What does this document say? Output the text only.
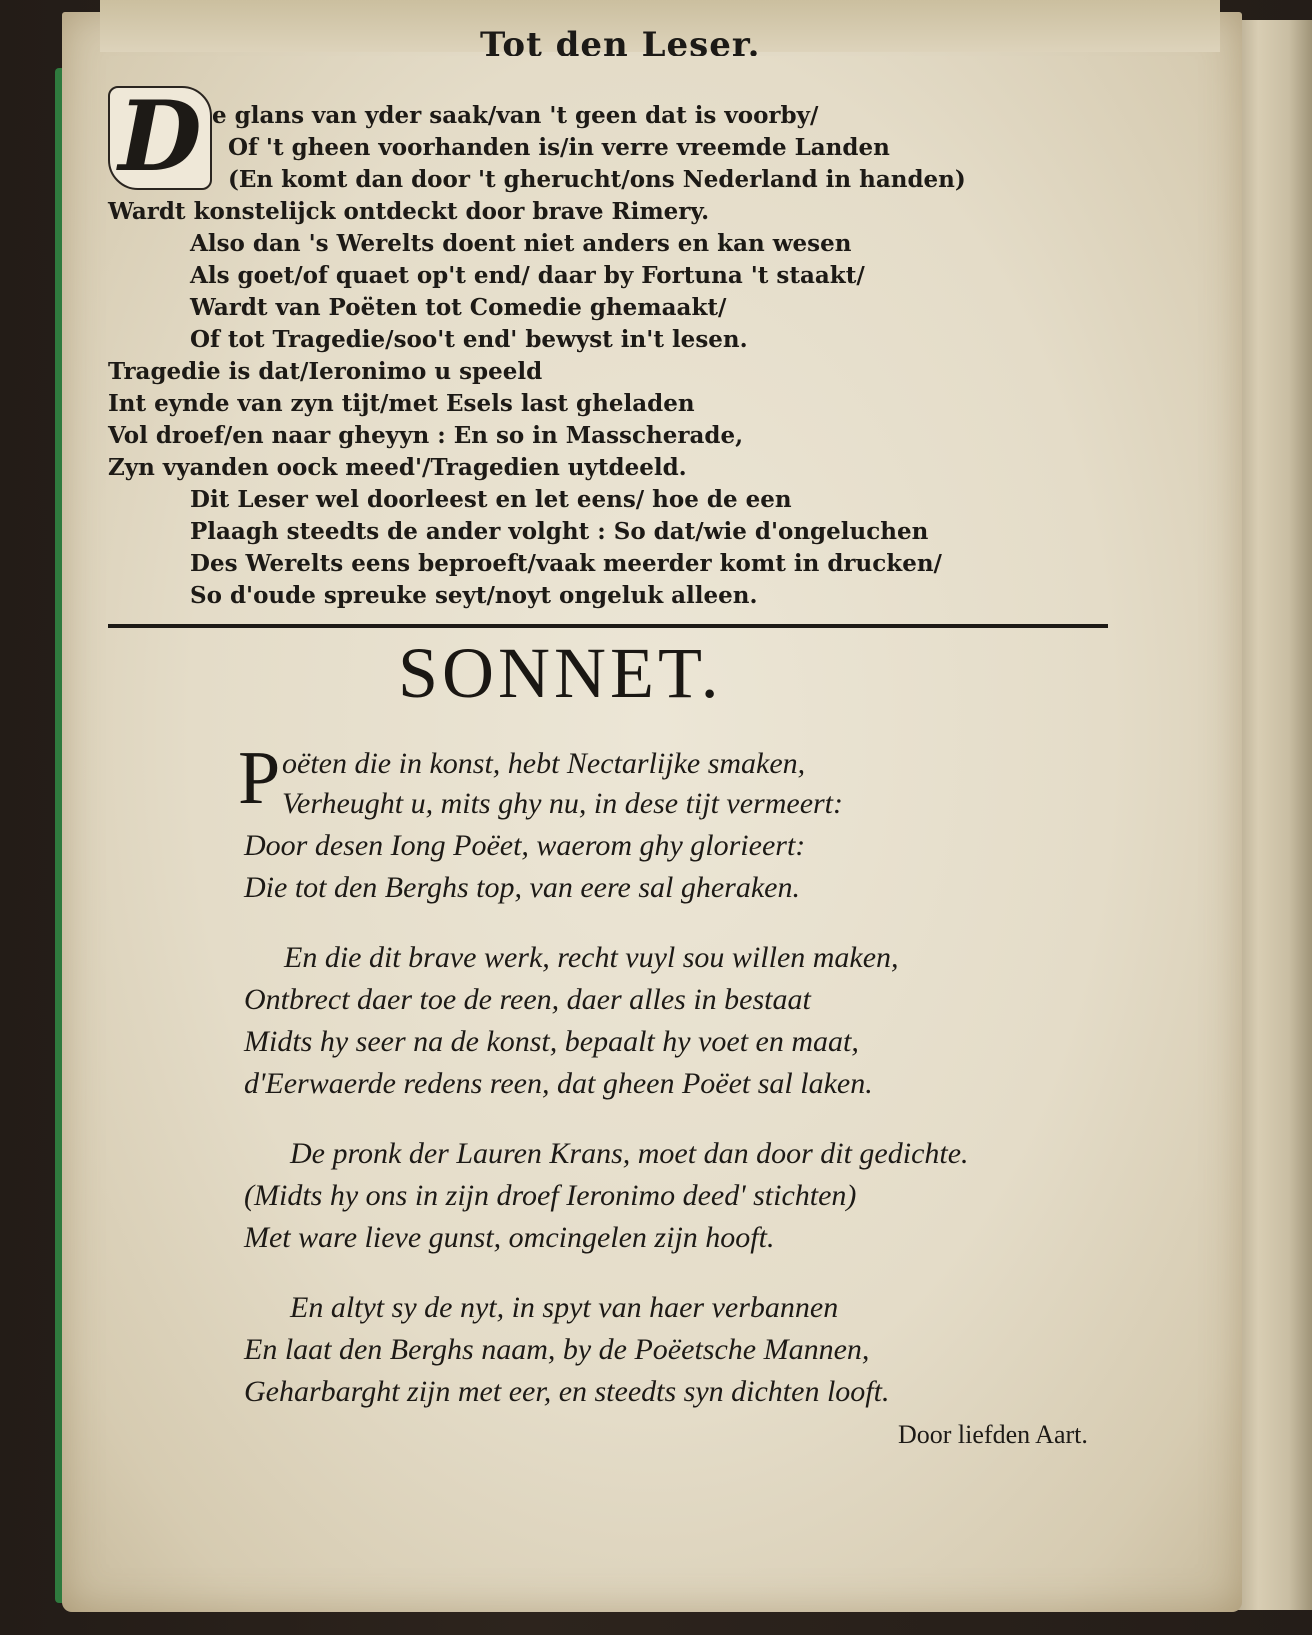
Tot den Leser.
D e glans van yder saak/van 't geen dat is voorby/
Of 't gheen voorhanden is/in verre vreemde Landen
(En komt dan door 't gherucht/ons Nederland in handen)
Wardt konstelijck ontdeckt door brave Rimery.
Also dan 's Werelts doent niet anders en kan wesen
Als goet/of quaet op't end/ daar by Fortuna 't staakt/
Wardt van Poëten tot Comedie ghemaakt/
Of tot Tragedie/soo't end' bewyst in't lesen.
Tragedie is dat/Ieronimo u speeld
Int eynde van zyn tijt/met Esels last gheladen
Vol droef/en naar gheyyn : En so in Masscherade,
Zyn vyanden oock meed'/Tragedien uytdeeld.
Dit Leser wel doorleest en let eens/ hoe de een
Plaagh steedts de ander volght : So dat/wie d'ongeluchen
Des Werelts eens beproeft/vaak meerder komt in drucken/
So d'oude spreuke seyt/noyt ongeluk alleen.
SONNET.
P oëten die in konst, hebt Nectarlijke smaken,
Verheught u, mits ghy nu, in dese tijt vermeert:
Door desen Iong Poëet, waerom ghy glorieert:
Die tot den Berghs top, van eere sal gheraken.
En die dit brave werk, recht vuyl sou willen maken,
Ontbrect daer toe de reen, daer alles in bestaat
Midts hy seer na de konst, bepaalt hy voet en maat,
d'Eerwaerde redens reen, dat gheen Poëet sal laken.
De pronk der Lauren Krans, moet dan door dit gedichte.
(Midts hy ons in zijn droef Ieronimo deed' stichten)
Met ware lieve gunst, omcingelen zijn hooft.
En altyt sy de nyt, in spyt van haer verbannen
En laat den Berghs naam, by de Poëetsche Mannen,
Geharbarght zijn met eer, en steedts syn dichten looft.
Door liefden Aart.
